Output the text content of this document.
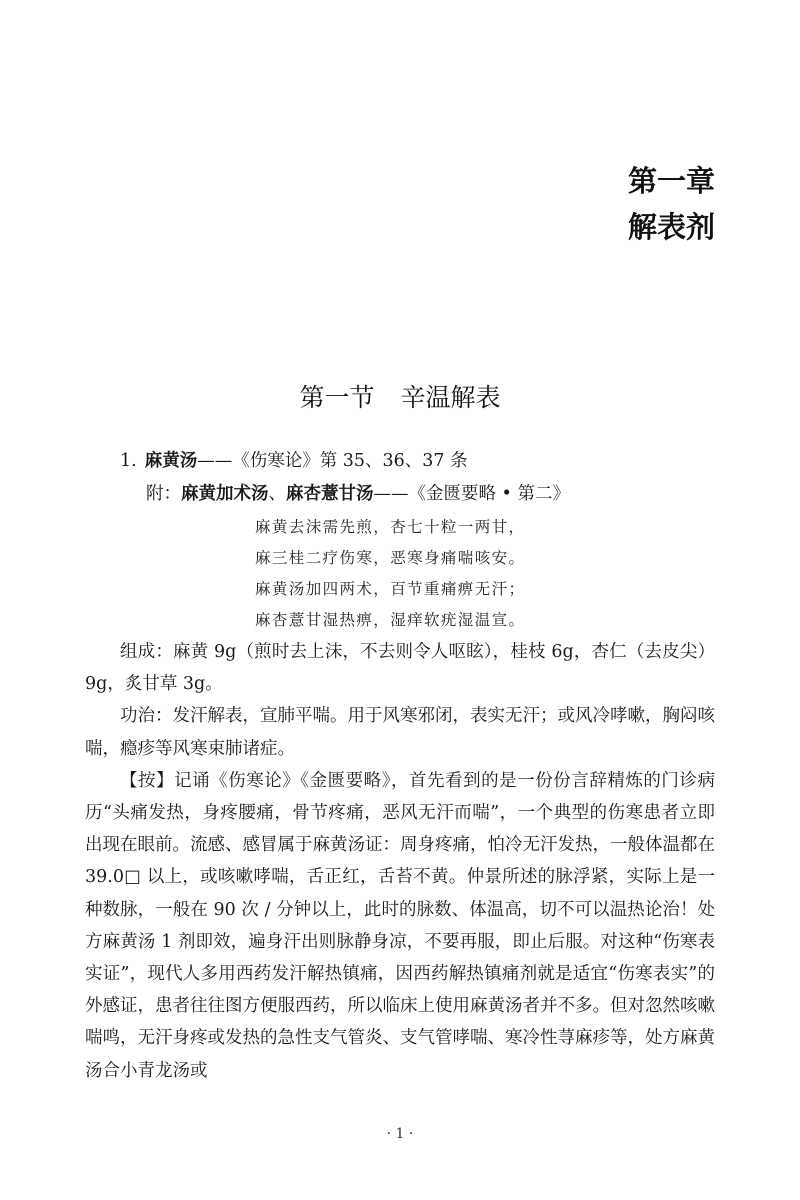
第一章
解表剂
第一节 辛温解表
1. 麻黄汤——《伤寒论》第 35、36、37 条
附：麻黄加术汤、麻杏薏甘汤——《金匮要略 • 第二》
麻黄去沫需先煎，杏七十粒一两甘，
麻三桂二疗伤寒，恶寒身痛喘咳安。
麻黄汤加四两术，百节重痛痹无汗；
麻杏薏甘湿热痹，湿痒软疣湿温宣。

组成：麻黄 9g（煎时去上沫，不去则令人呕眩），桂枝 6g，杏仁（去皮尖）9g，炙甘草 3g。

功治：发汗解表，宣肺平喘。用于风寒邪闭，表实无汗；或风冷哮嗽，胸闷咳喘，瘾疹等风寒束肺诸症。

【按】记诵《伤寒论》《金匮要略》，首先看到的是一份份言辞精炼的门诊病历“头痛发热，身疼腰痛，骨节疼痛，恶风无汗而喘”，一个典型的伤寒患者立即出现在眼前。流感、感冒属于麻黄汤证：周身疼痛，怕冷无汗发热，一般体温都在 39.0□ 以上，或咳嗽哮喘，舌正红，舌苔不黄。仲景所述的脉浮紧，实际上是一种数脉，一般在 90 次 / 分钟以上，此时的脉数、体温高，切不可以温热论治！处方麻黄汤 1 剂即效，遍身汗出则脉静身凉，不要再服，即止后服。对这种“伤寒表实证”，现代人多用西药发汗解热镇痛，因西药解热镇痛剂就是适宜“伤寒表实”的外感证，患者往往图方便服西药，所以临床上使用麻黄汤者并不多。但对忽然咳嗽喘鸣，无汗身疼或发热的急性支气管炎、支气管哮喘、寒冷性荨麻疹等，处方麻黄汤合小青龙汤或

· 1 ·
